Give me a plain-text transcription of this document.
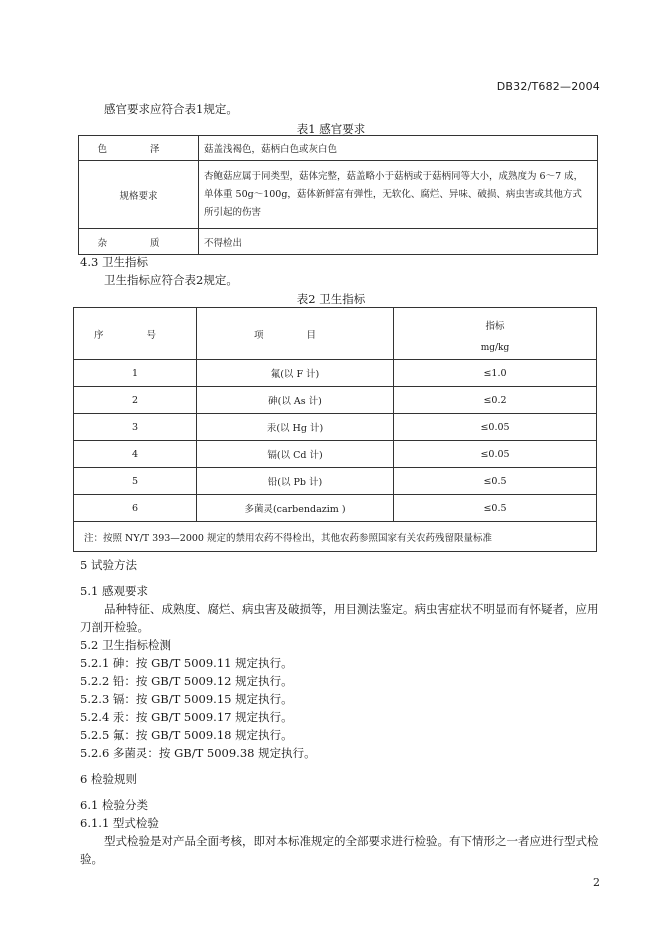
DB32/T682—2004
感官要求应符合表1规定。
表1 感官要求
色 泽	菇盖浅褐色，菇柄白色或灰白色
规格要求	杏鲍菇应属于同类型，菇体完整，菇盖略小于菇柄或于菇柄同等大小，成熟度为 6～7 成，
单体重 50g～100g，菇体新鲜富有弹性，无软化、腐烂、异味、破损、病虫害或其他方式
所引起的伤害

杂 质	不得检出
4.3 卫生指标
卫生指标应符合表2规定。
表2 卫生指标
序 号	项 目	指标
mg/kg

1	氟(以 F 计)	≤1.0
2	砷(以 As 计)	≤0.2
3	汞(以 Hg 计)	≤0.05
4	镉(以 Cd 计)	≤0.05
5	铅(以 Pb 计)	≤0.5
6	多菌灵(carbendazim )	≤0.5
注：按照 NY/T 393—2000 规定的禁用农药不得检出，其他农药参照国家有关农药残留限量标准		
5 试验方法
5.1 感观要求
品种特征、成熟度、腐烂、病虫害及破损等，用目测法鉴定。病虫害症状不明显而有怀疑者，应用
刀剖开检验。
5.2 卫生指标检测
5.2.1 砷：按 GB/T 5009.11 规定执行。
5.2.2 铅：按 GB/T 5009.12 规定执行。
5.2.3 镉：按 GB/T 5009.15 规定执行。
5.2.4 汞：按 GB/T 5009.17 规定执行。
5.2.5 氟：按 GB/T 5009.18 规定执行。
5.2.6 多菌灵：按 GB/T 5009.38 规定执行。
6 检验规则
6.1 检验分类
6.1.1 型式检验
型式检验是对产品全面考核，即对本标准规定的全部要求进行检验。有下情形之一者应进行型式检
验。
2
